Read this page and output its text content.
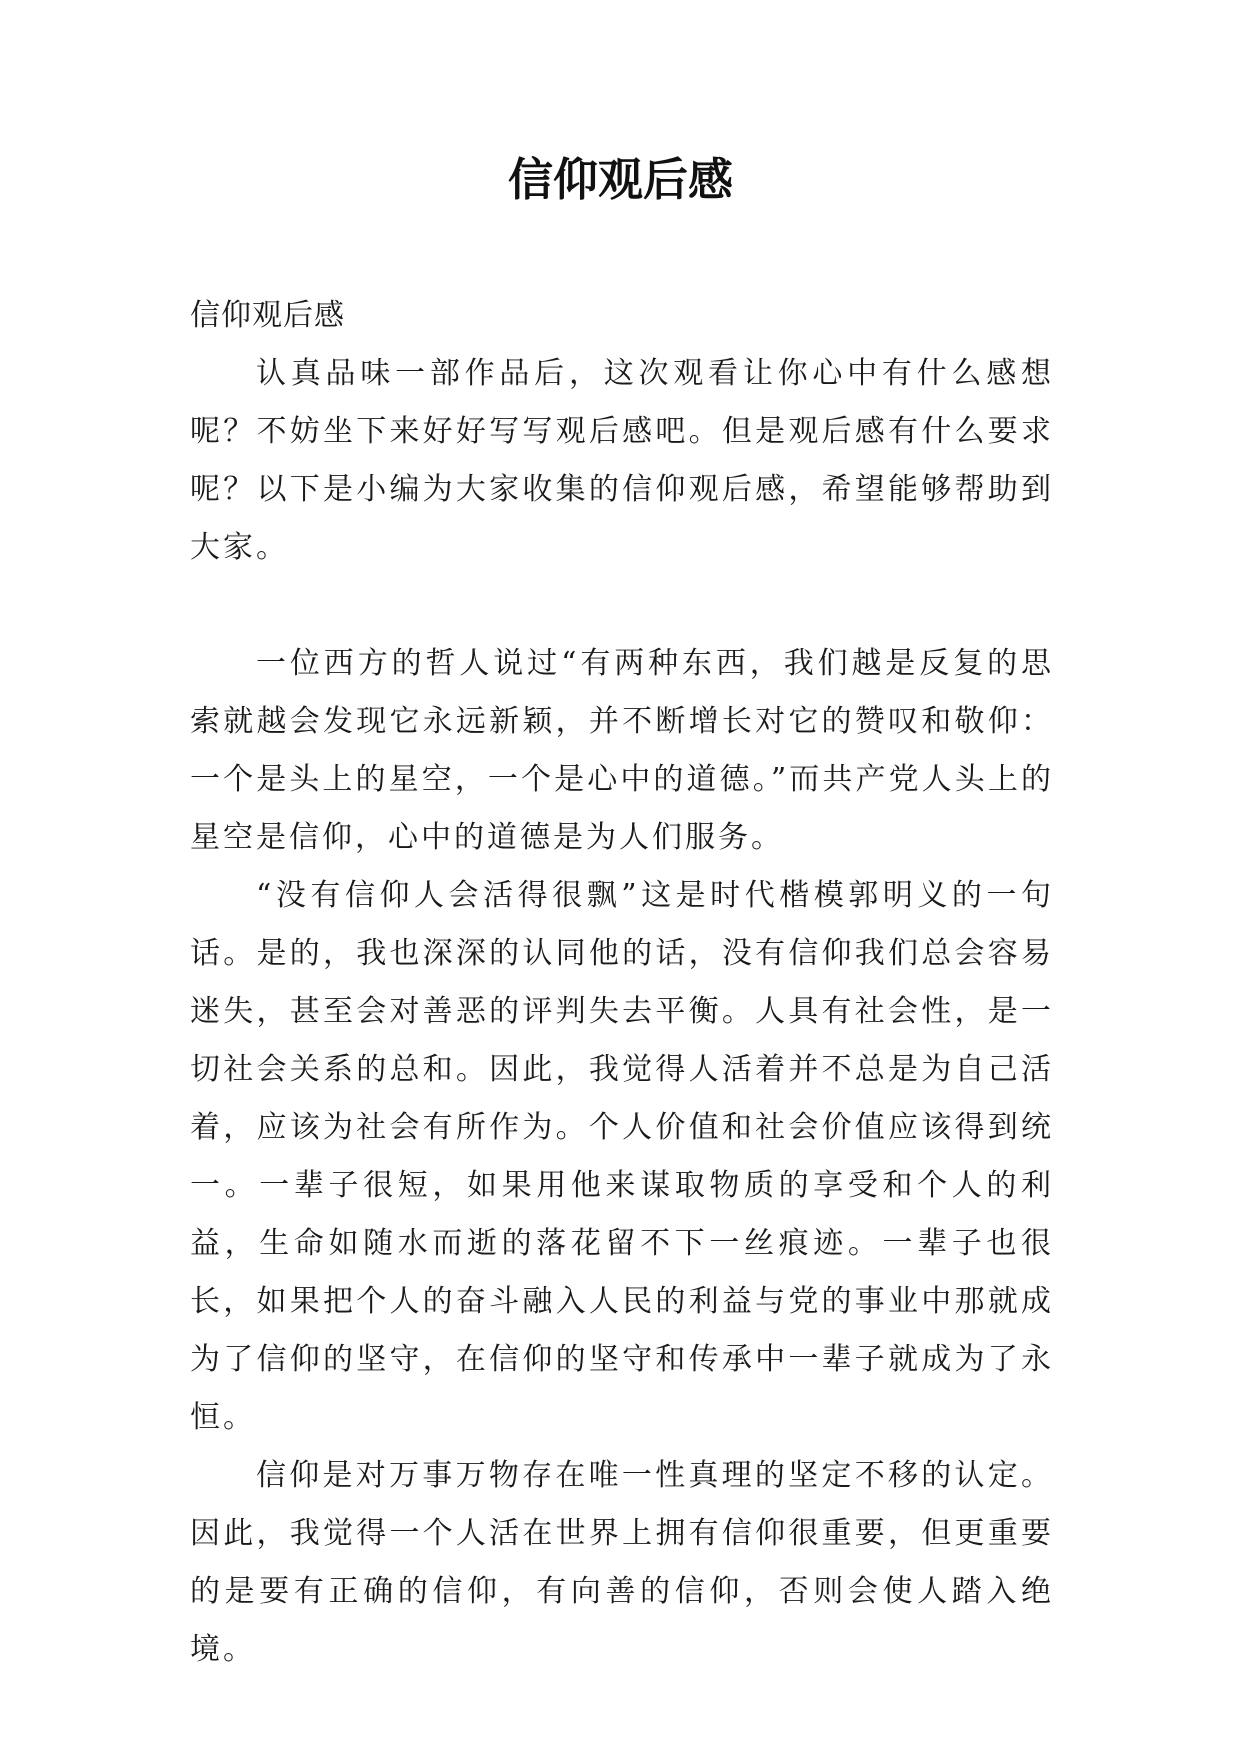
信仰观后感

信仰观后感

认真品味一部作品后，这次观看让你心中有什么感想呢？不妨坐下来好好写写观后感吧。但是观后感有什么要求呢？以下是小编为大家收集的信仰观后感，希望能够帮助到大家。

一位西方的哲人说过“有两种东西，我们越是反复的思索就越会发现它永远新颖，并不断增长对它的赞叹和敬仰：一个是头上的星空，一个是心中的道德。”而共产党人头上的星空是信仰，心中的道德是为人们服务。

“没有信仰人会活得很飘”这是时代楷模郭明义的一句话。是的，我也深深的认同他的话，没有信仰我们总会容易迷失，甚至会对善恶的评判失去平衡。人具有社会性，是一切社会关系的总和。因此，我觉得人活着并不总是为自己活着，应该为社会有所作为。个人价值和社会价值应该得到统一。一辈子很短，如果用他来谋取物质的享受和个人的利益，生命如随水而逝的落花留不下一丝痕迹。一辈子也很长，如果把个人的奋斗融入人民的利益与党的事业中那就成为了信仰的坚守，在信仰的坚守和传承中一辈子就成为了永恒。

信仰是对万事万物存在唯一性真理的坚定不移的认定。因此，我觉得一个人活在世界上拥有信仰很重要，但更重要的是要有正确的信仰，有向善的信仰，否则会使人踏入绝境。
